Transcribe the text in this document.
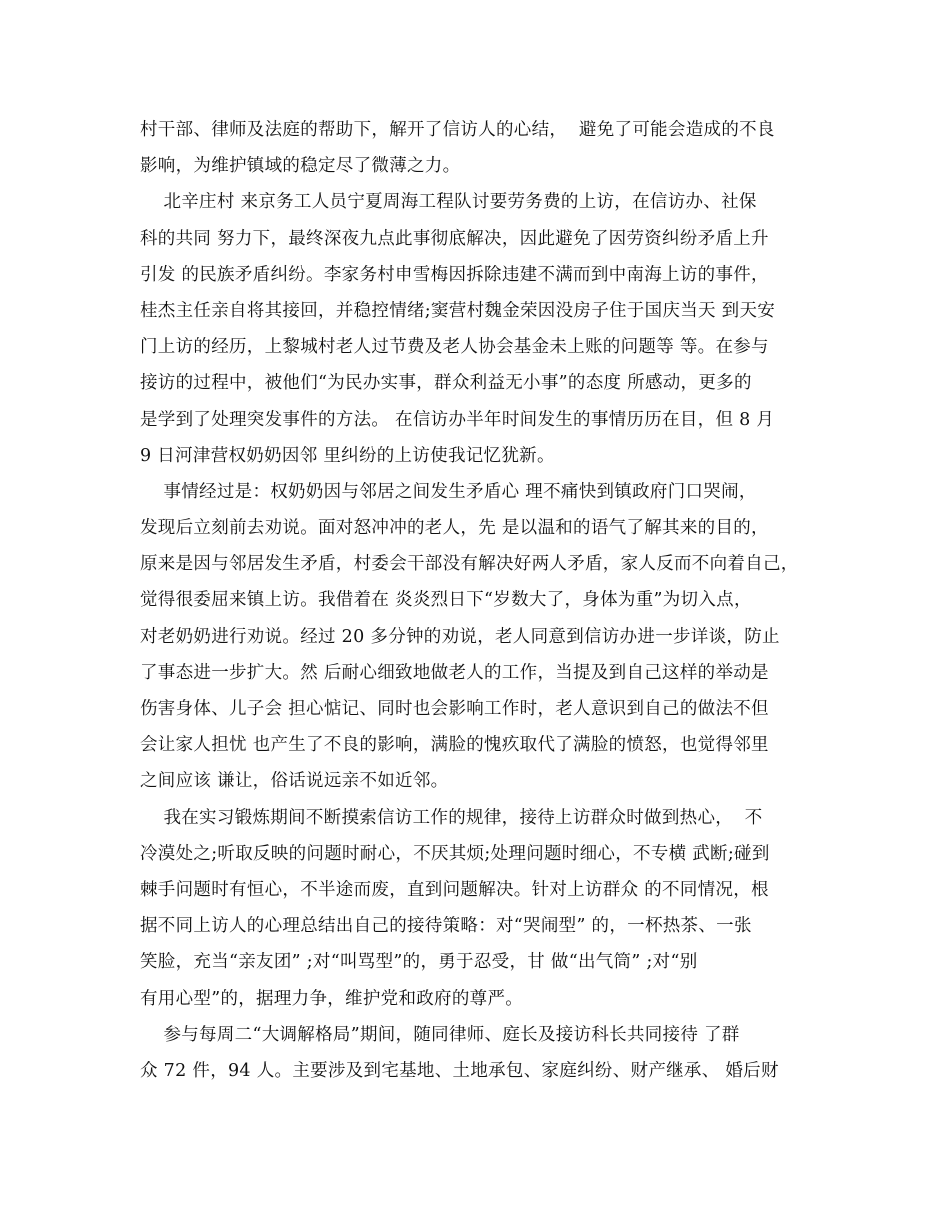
村干部、律师及法庭的帮助下，解开了信访人的心结，  避免了可能会造成的不良
影响，为维护镇域的稳定尽了微薄之力。
北辛庄村 来京务工人员宁夏周海工程队讨要劳务费的上访，在信访办、社保
科的共同 努力下，最终深夜九点此事彻底解决，因此避免了因劳资纠纷矛盾上升
引发 的民族矛盾纠纷。李家务村申雪梅因拆除违建不满而到中南海上访的事件，
桂杰主任亲自将其接回，并稳控情绪;窦营村魏金荣因没房子住于国庆当天 到天安
门上访的经历，上黎城村老人过节费及老人协会基金未上账的问题等 等。在参与
接访的过程中，被他们“为民办实事，群众利益无小事”的态度 所感动，更多的
是学到了处理突发事件的方法。 在信访办半年时间发生的事情历历在目，但 8 月
9 日河津营权奶奶因邻 里纠纷的上访使我记忆犹新。
事情经过是：权奶奶因与邻居之间发生矛盾心 理不痛快到镇政府门口哭闹，
发现后立刻前去劝说。面对怒冲冲的老人，先 是以温和的语气了解其来的目的，
原来是因与邻居发生矛盾，村委会干部没有解决好两人矛盾，家人反而不向着自己，
觉得很委屈来镇上访。我借着在 炎炎烈日下“岁数大了，身体为重”为切入点，
对老奶奶进行劝说。经过 20 多分钟的劝说，老人同意到信访办进一步详谈，防止
了事态进一步扩大。然 后耐心细致地做老人的工作，当提及到自己这样的举动是
伤害身体、儿子会 担心惦记、同时也会影响工作时，老人意识到自己的做法不但
会让家人担忧 也产生了不良的影响，满脸的愧疚取代了满脸的愤怒，也觉得邻里
之间应该 谦让，俗话说远亲不如近邻。
我在实习锻炼期间不断摸索信访工作的规律，接待上访群众时做到热心，  不
冷漠处之;听取反映的问题时耐心，不厌其烦;处理问题时细心，不专横 武断;碰到
棘手问题时有恒心，不半途而废，直到问题解决。针对上访群众 的不同情况，根
据不同上访人的心理总结出自己的接待策略：对“哭闹型” 的，一杯热茶、一张
笑脸，充当“亲友团” ;对“叫骂型”的，勇于忍受，甘 做“出气筒” ;对“别
有用心型”的，据理力争，维护党和政府的尊严。
参与每周二“大调解格局”期间，随同律师、庭长及接访科长共同接待 了群
众 72 件，94 人。主要涉及到宅基地、土地承包、家庭纠纷、财产继承、 婚后财
